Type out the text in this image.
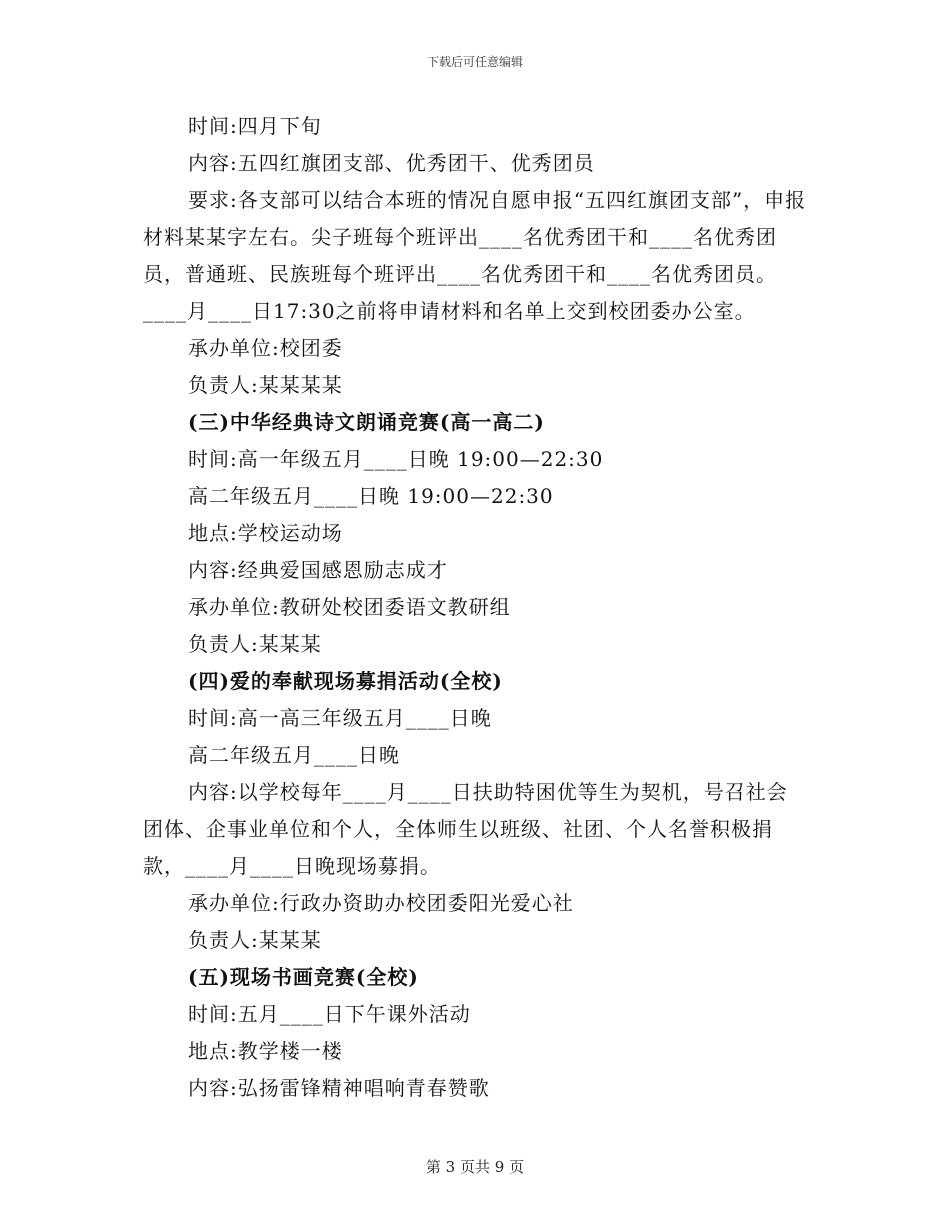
下载后可任意编辑

时间:四月下旬

内容:五四红旗团支部、优秀团干、优秀团员

要求:各支部可以结合本班的情况自愿申报“五四红旗团支部”，申报材料某某字左右。尖子班每个班评出____名优秀团干和____名优秀团员，普通班、民族班每个班评出____名优秀团干和____名优秀团员。____月____日17:30之前将申请材料和名单上交到校团委办公室。

承办单位:校团委

负责人:某某某某

(三)中华经典诗文朗诵竞赛(高一高二)

时间:高一年级五月____日晚 19:00—22:30

高二年级五月____日晚 19:00—22:30

地点:学校运动场

内容:经典爱国感恩励志成才

承办单位:教研处校团委语文教研组

负责人:某某某

(四)爱的奉献现场募捐活动(全校)

时间:高一高三年级五月____日晚

高二年级五月____日晚

内容:以学校每年____月____日扶助特困优等生为契机，号召社会团体、企事业单位和个人，全体师生以班级、社团、个人名誉积极捐款，____月____日晚现场募捐。

承办单位:行政办资助办校团委阳光爱心社

负责人:某某某

(五)现场书画竞赛(全校)

时间:五月____日下午课外活动

地点:教学楼一楼

内容:弘扬雷锋精神唱响青春赞歌

第 3 页共 9 页
